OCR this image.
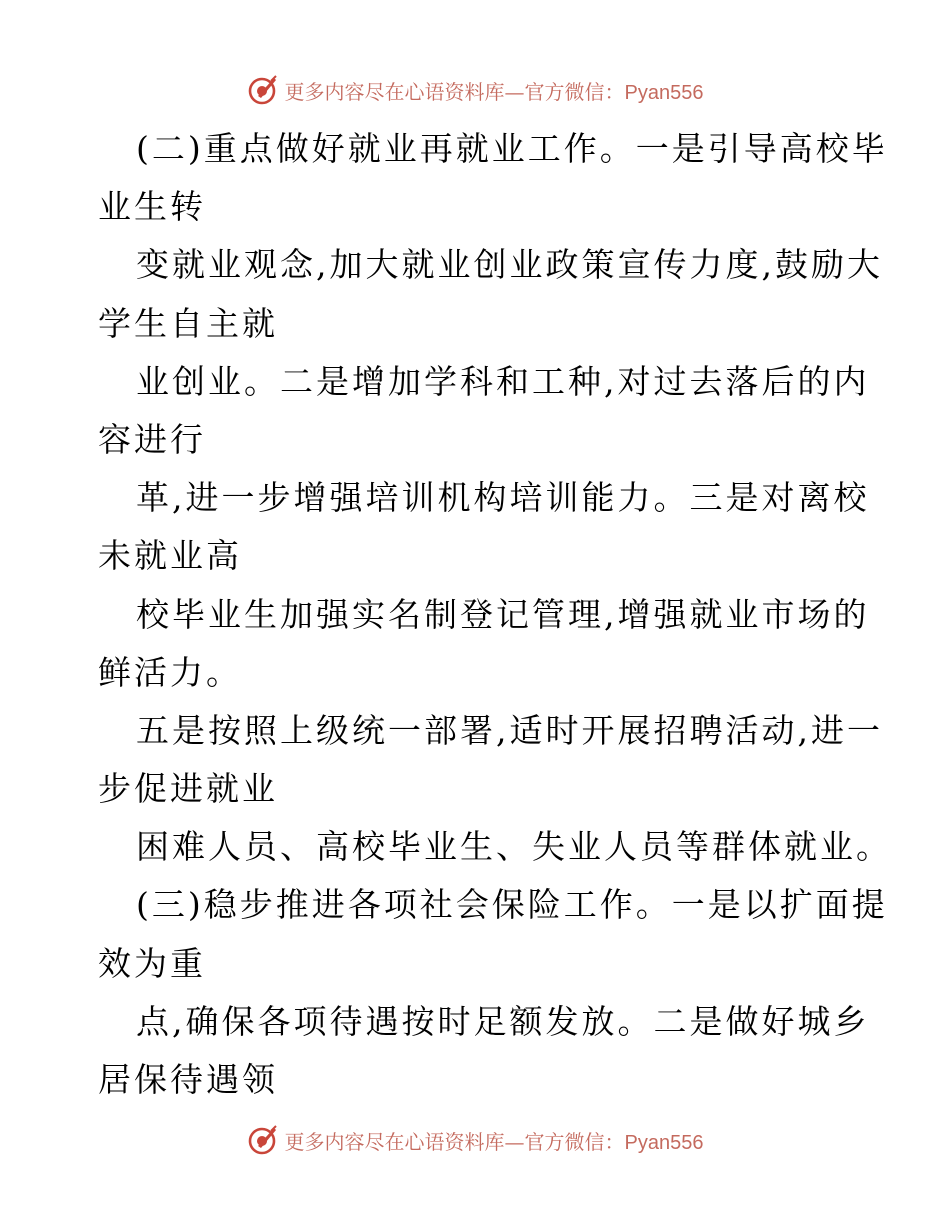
更多内容尽在心语资料库—官方微信：Pyan556
(二)重点做好就业再就业工作。一是引导高校毕
业生转
变就业观念,加大就业创业政策宣传力度,鼓励大
学生自主就
业创业。二是增加学科和工种,对过去落后的内
容进行
革,进一步增强培训机构培训能力。三是对离校
未就业高
校毕业生加强实名制登记管理,增强就业市场的
鲜活力。
五是按照上级统一部署,适时开展招聘活动,进一
步促进就业
困难人员、高校毕业生、失业人员等群体就业。
(三)稳步推进各项社会保险工作。一是以扩面提
效为重
点,确保各项待遇按时足额发放。二是做好城乡
居保待遇领
更多内容尽在心语资料库—官方微信：Pyan556
